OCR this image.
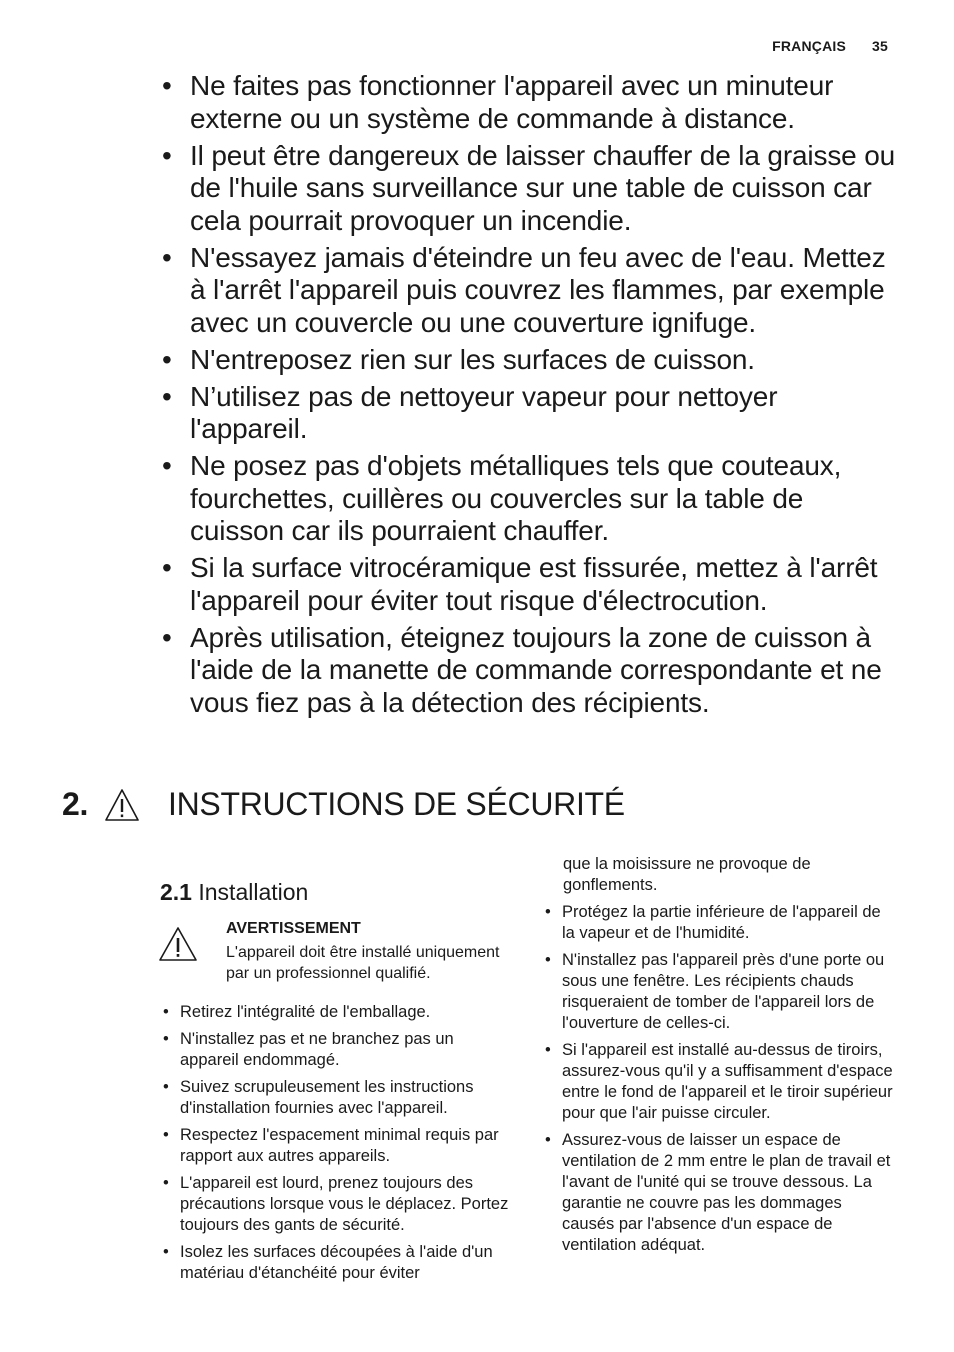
FRANÇAIS 35
• Ne faites pas fonctionner l'appareil avec un minuteur externe ou un système de commande à distance.
• Il peut être dangereux de laisser chauffer de la graisse ou de l'huile sans surveillance sur une table de cuisson car cela pourrait provoquer un incendie.
• N'essayez jamais d'éteindre un feu avec de l'eau. Mettez à l'arrêt l'appareil puis couvrez les flammes, par exemple avec un couvercle ou une couverture ignifuge.
• N'entreposez rien sur les surfaces de cuisson.
• N’utilisez pas de nettoyeur vapeur pour nettoyer l'appareil.
• Ne posez pas d'objets métalliques tels que couteaux, fourchettes, cuillères ou couvercles sur la table de cuisson car ils pourraient chauffer.
• Si la surface vitrocéramique est fissurée, mettez à l'arrêt l'appareil pour éviter tout risque d'électrocution.
• Après utilisation, éteignez toujours la zone de cuisson à l'aide de la manette de commande correspondante et ne vous fiez pas à la détection des récipients.
2.	INSTRUCTIONS DE SÉCURITÉ
2.1 Installation
AVERTISSEMENT
L'appareil doit être installé uniquement par un professionnel qualifié.
• Retirez l'intégralité de l'emballage.
• N'installez pas et ne branchez pas un appareil endommagé.
• Suivez scrupuleusement les instructions d'installation fournies avec l'appareil.
• Respectez l'espacement minimal requis par rapport aux autres appareils.
• L'appareil est lourd, prenez toujours des précautions lorsque vous le déplacez. Portez toujours des gants de sécurité.
• Isolez les surfaces découpées à l'aide d'un matériau d'étanchéité pour éviter
que la moisissure ne provoque de gonflements.
• Protégez la partie inférieure de l'appareil de la vapeur et de l'humidité.
• N'installez pas l'appareil près d'une porte ou sous une fenêtre. Les récipients chauds risqueraient de tomber de l'appareil lors de l'ouverture de celles-ci.
• Si l'appareil est installé au-dessus de tiroirs, assurez-vous qu'il y a suffisamment d'espace entre le fond de l'appareil et le tiroir supérieur pour que l'air puisse circuler.
• Assurez-vous de laisser un espace de ventilation de 2 mm entre le plan de travail et l'avant de l'unité qui se trouve dessous. La garantie ne couvre pas les dommages causés par l'absence d'un espace de ventilation adéquat.
